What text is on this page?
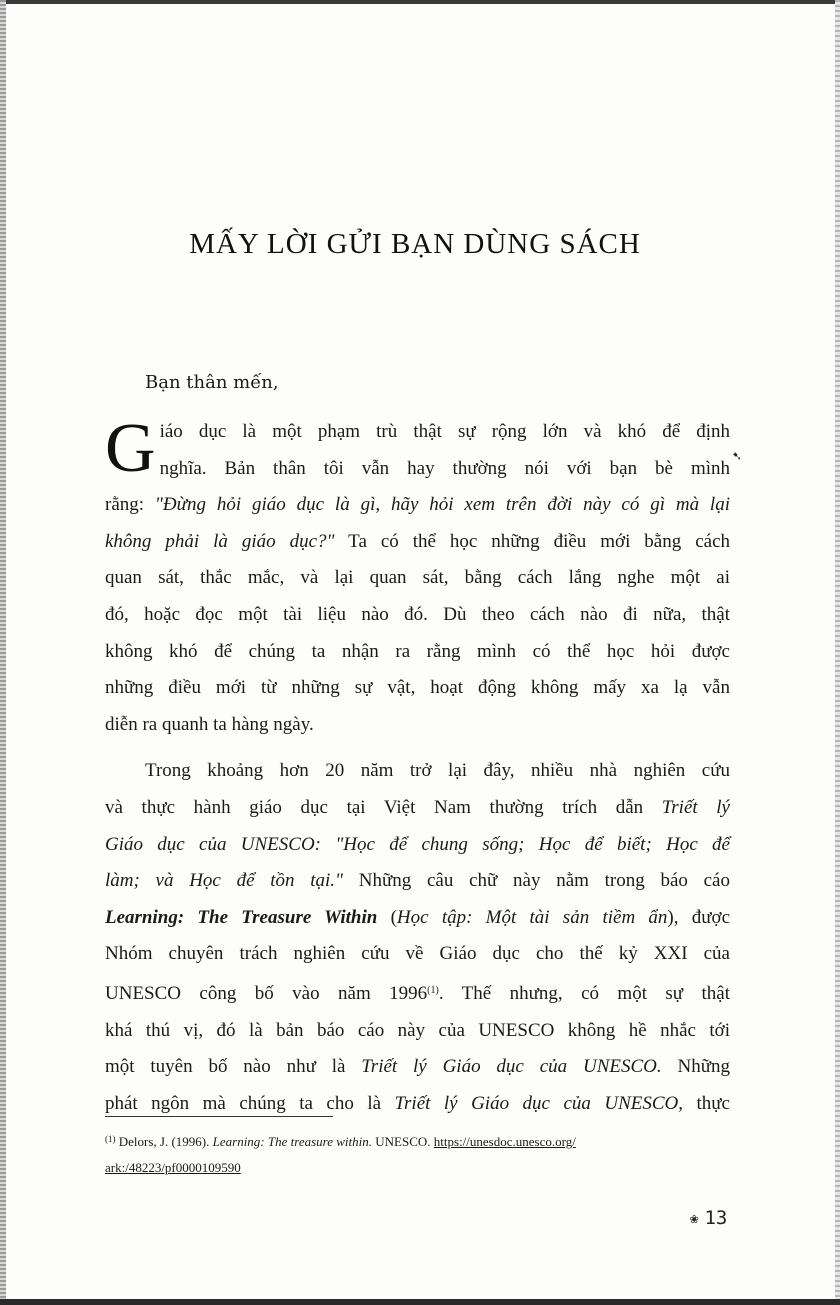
MẤY LỜI GỬI BẠN DÙNG SÁCH

Bạn thân mến,

G iáo dục là một phạm trù thật sự rộng lớn và khó để định
nghĩa. Bản thân tôi vẫn hay thường nói với bạn bè mình
rằng: "Đừng hỏi giáo dục là gì, hãy hỏi xem trên đời này có gì mà lại
không phải là giáo dục?" Ta có thể học những điều mới bằng cách
quan sát, thắc mắc, và lại quan sát, bằng cách lắng nghe một ai
đó, hoặc đọc một tài liệu nào đó. Dù theo cách nào đi nữa, thật
không khó để chúng ta nhận ra rằng mình có thể học hỏi được
những điều mới từ những sự vật, hoạt động không mấy xa lạ vẫn
diễn ra quanh ta hàng ngày.

Trong khoảng hơn 20 năm trở lại đây, nhiều nhà nghiên cứu
và thực hành giáo dục tại Việt Nam thường trích dẫn Triết lý
Giáo dục của UNESCO: "Học để chung sống; Học để biết; Học để
làm; và Học để tồn tại." Những câu chữ này nằm trong báo cáo
Learning: The Treasure Within (Học tập: Một tài sản tiềm ẩn), được
Nhóm chuyên trách nghiên cứu về Giáo dục cho thế kỷ XXI của
UNESCO công bố vào năm 1996$^{(1)}$. Thế nhưng, có một sự thật
khá thú vị, đó là bản báo cáo này của UNESCO không hề nhắc tới
một tuyên bố nào như là Triết lý Giáo dục của UNESCO. Những
phát ngôn mà chúng ta cho là Triết lý Giáo dục của UNESCO, thực

➷
$^{(1)}$ Delors, J. (1996). Learning: The treasure within. UNESCO. https://unesdoc.unesco.org/
ark:/48223/pf0000109590
❀ 13
